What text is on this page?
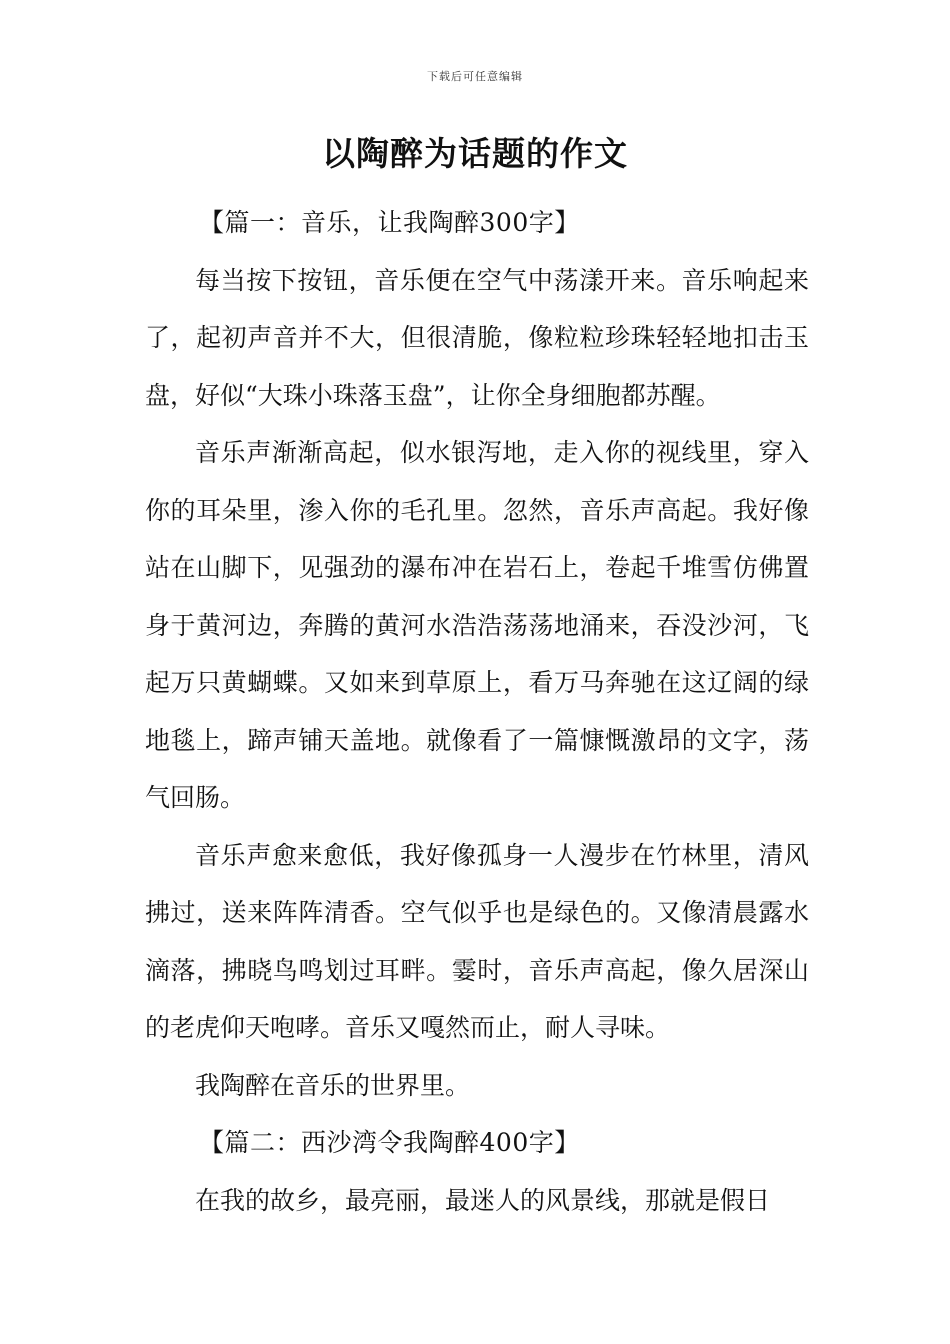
下载后可任意编辑
以陶醉为话题的作文
【篇一：音乐，让我陶醉300字】

每当按下按钮，音乐便在空气中荡漾开来。音乐响起来了，起初声音并不大，但很清脆，像粒粒珍珠轻轻地扣击玉盘，好似“大珠小珠落玉盘”，让你全身细胞都苏醒。

音乐声渐渐高起，似水银泻地，走入你的视线里，穿入你的耳朵里，渗入你的毛孔里。忽然，音乐声高起。我好像站在山脚下，见强劲的瀑布冲在岩石上，卷起千堆雪仿佛置身于黄河边，奔腾的黄河水浩浩荡荡地涌来，吞没沙河，飞起万只黄蝴蝶。又如来到草原上，看万马奔驰在这辽阔的绿地毯上，蹄声铺天盖地。就像看了一篇慷慨激昂的文字，荡气回肠。

音乐声愈来愈低，我好像孤身一人漫步在竹林里，清风拂过，送来阵阵清香。空气似乎也是绿色的。又像清晨露水滴落，拂晓鸟鸣划过耳畔。霎时，音乐声高起，像久居深山的老虎仰天咆哮。音乐又嘎然而止，耐人寻味。

我陶醉在音乐的世界里。

【篇二：西沙湾令我陶醉400字】

在我的故乡，最亮丽，最迷人的风景线，那就是假日
